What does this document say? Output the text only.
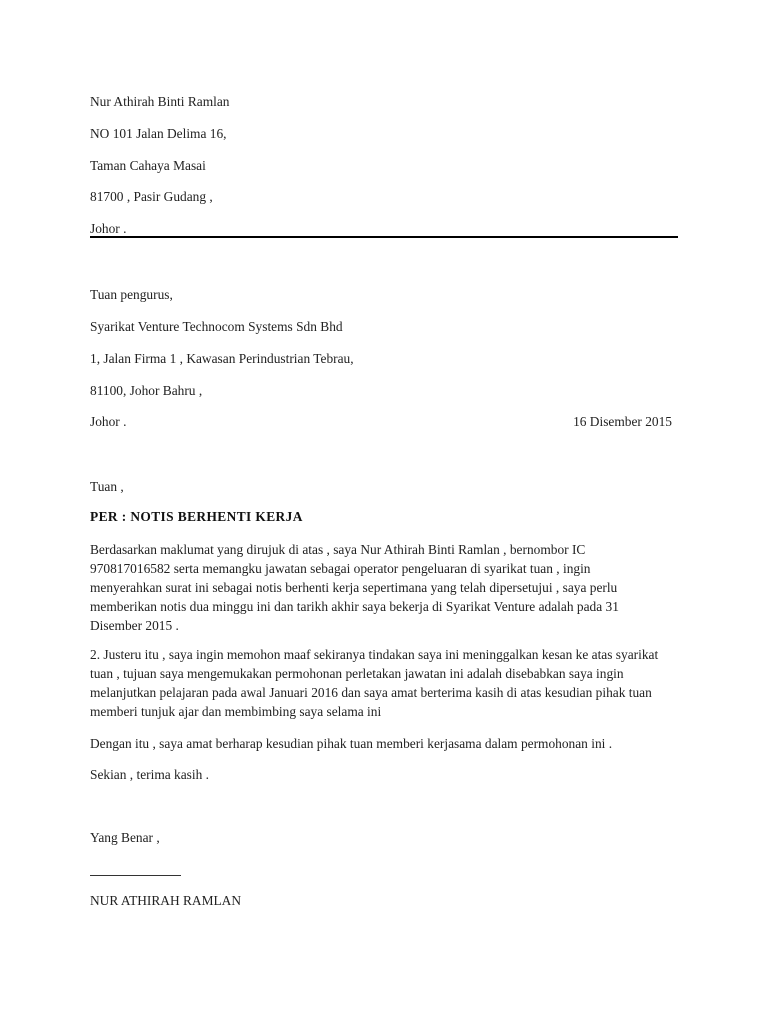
Nur Athirah Binti Ramlan
NO 101 Jalan Delima 16,
Taman Cahaya Masai
81700 , Pasir Gudang ,
Johor .
Tuan pengurus,
Syarikat Venture Technocom Systems Sdn Bhd
1, Jalan Firma 1 , Kawasan Perindustrian Tebrau,
81100, Johor Bahru ,
Johor .	16 Disember 2015
Tuan ,
PER : NOTIS BERHENTI KERJA
Berdasarkan maklumat yang dirujuk di atas , saya Nur Athirah Binti Ramlan , bernombor IC
970817016582 serta memangku jawatan sebagai operator pengeluaran di syarikat tuan , ingin
menyerahkan surat ini sebagai notis berhenti kerja sepertimana yang telah dipersetujui , saya perlu
memberikan notis dua minggu ini dan tarikh akhir saya bekerja di Syarikat Venture adalah pada 31
Disember 2015 .
2. Justeru itu , saya ingin memohon maaf sekiranya tindakan saya ini meninggalkan kesan ke atas syarikat
tuan , tujuan saya mengemukakan permohonan perletakan jawatan ini adalah disebabkan saya ingin
melanjutkan pelajaran pada awal Januari 2016 dan saya amat berterima kasih di atas kesudian pihak tuan
memberi tunjuk ajar dan membimbing saya selama ini
Dengan itu , saya amat berharap kesudian pihak tuan memberi kerjasama dalam permohonan ini .
Sekian , terima kasih .
Yang Benar ,
NUR ATHIRAH RAMLAN
